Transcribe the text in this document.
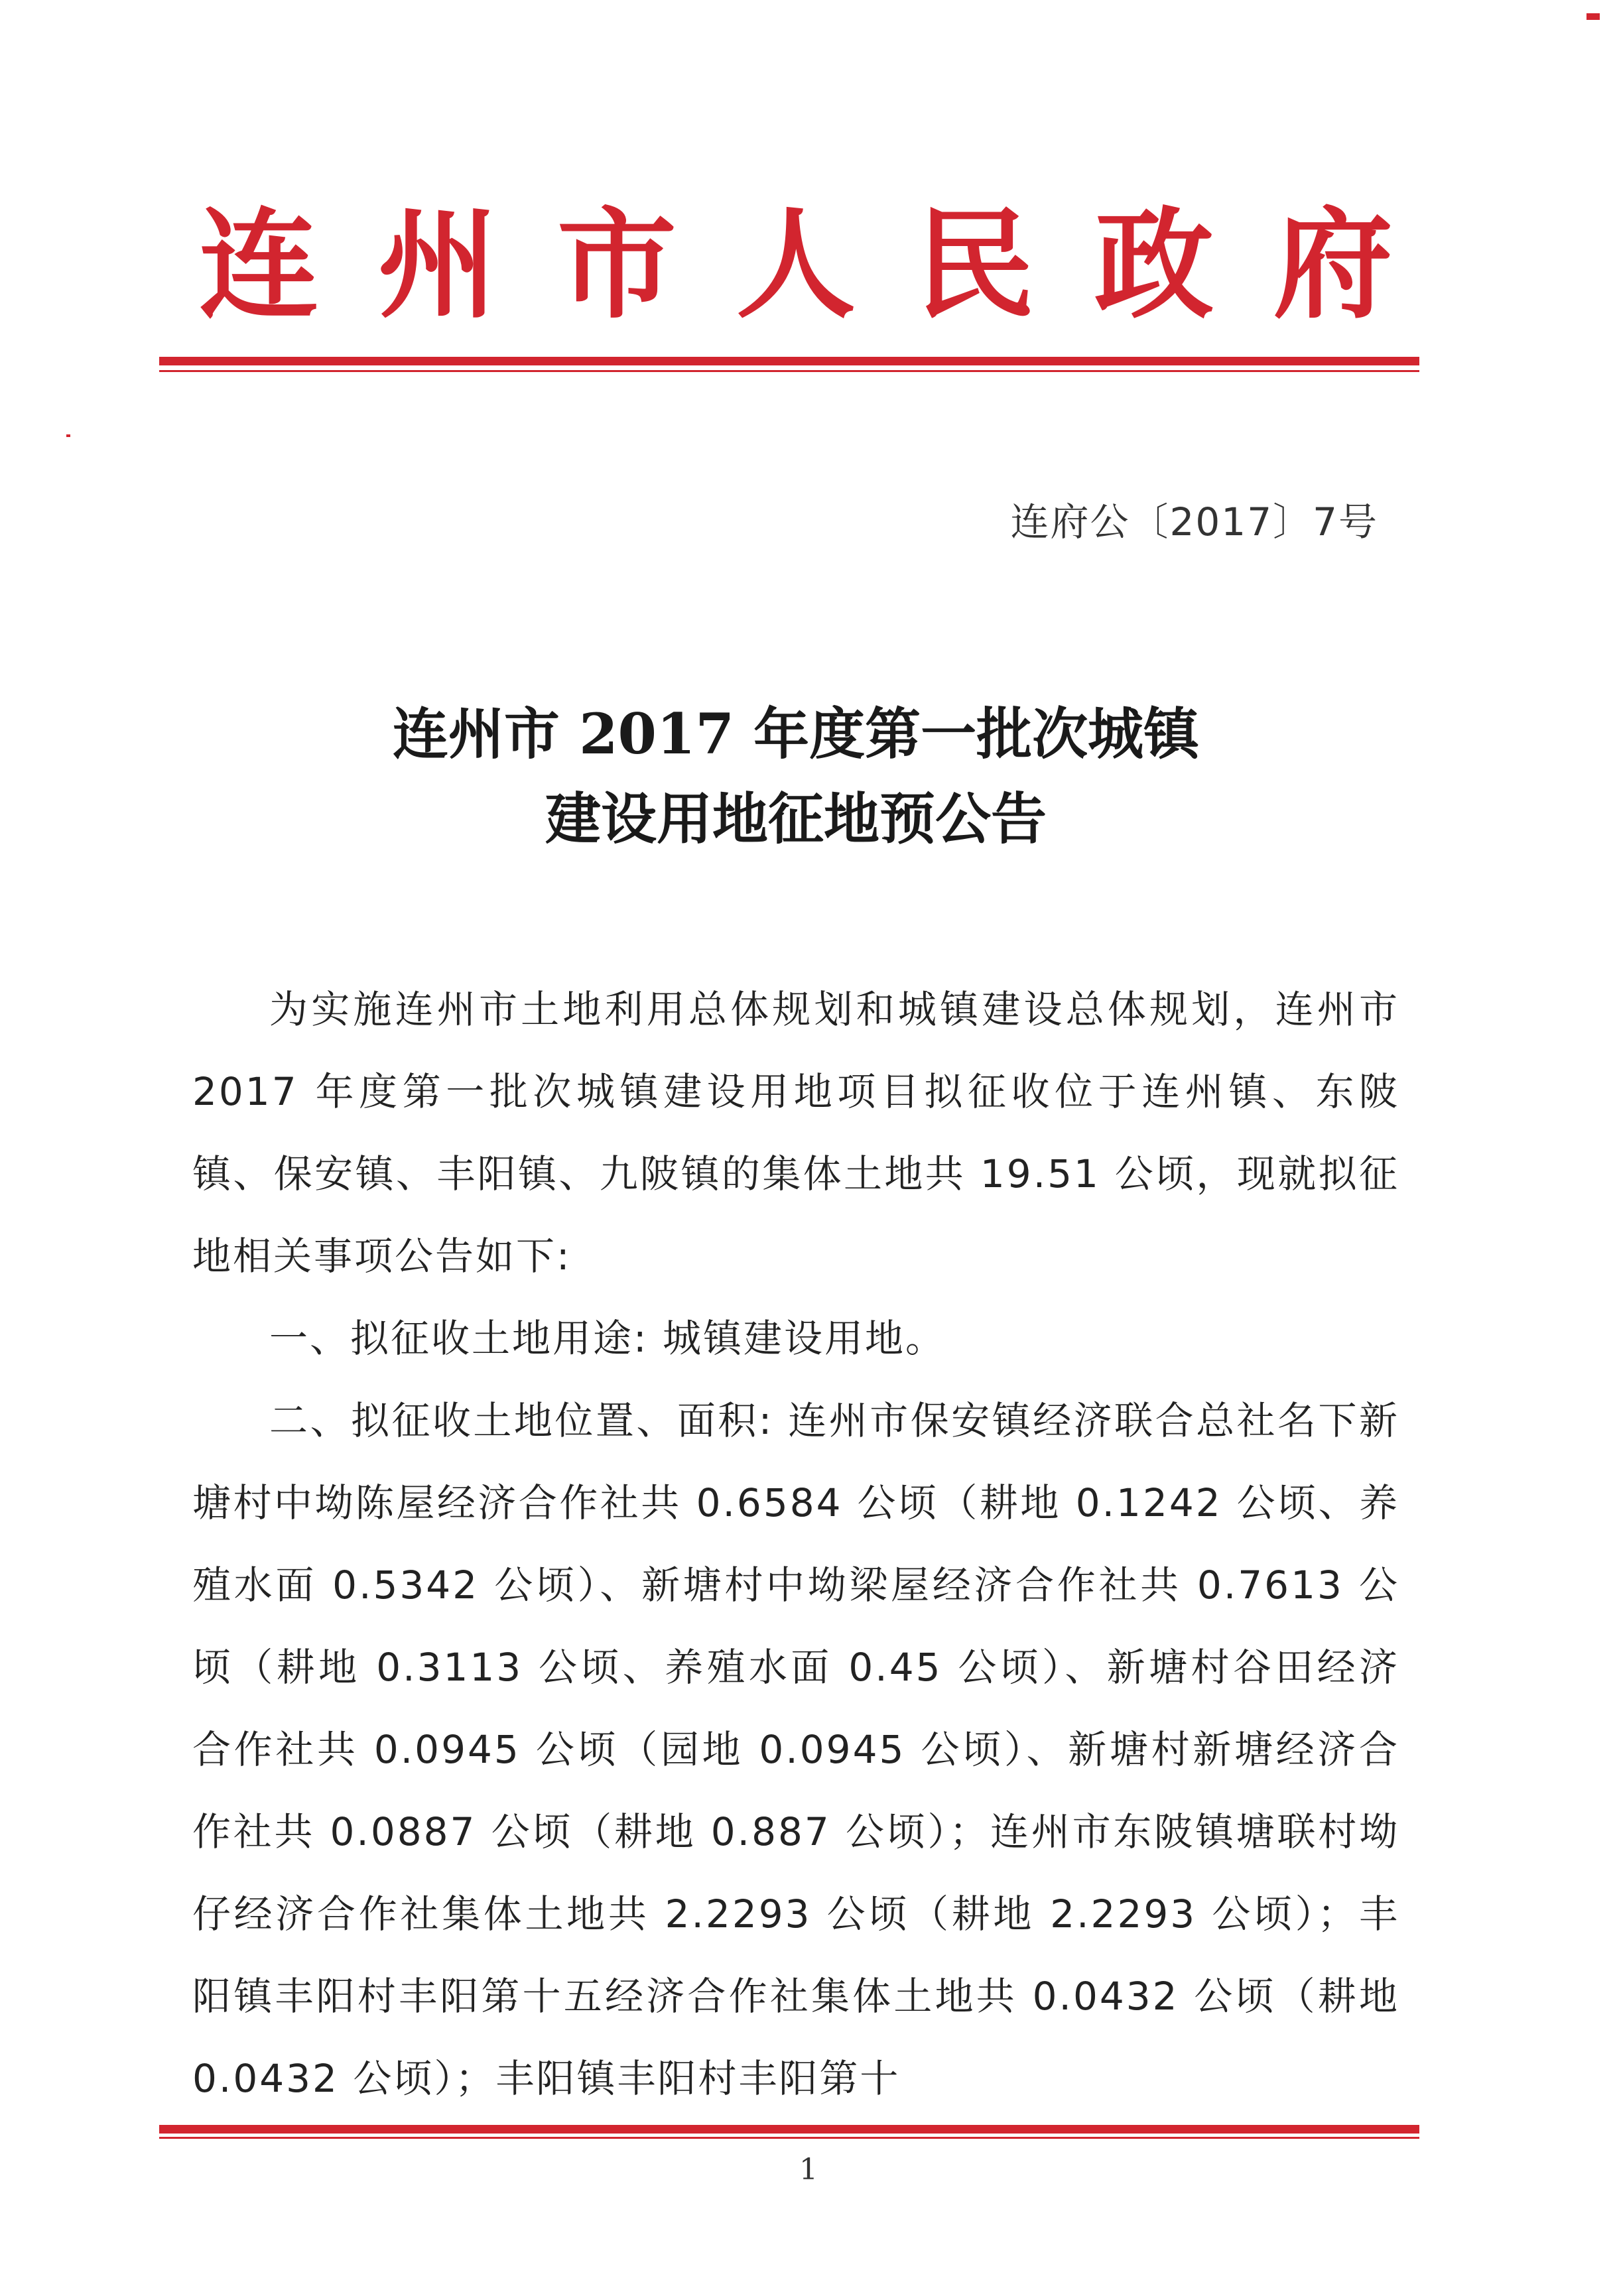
连 州 市 人 民 政 府
连府公〔2017〕7号
连州市 2017 年度第一批次城镇
建设用地征地预公告

为实施连州市土地利用总体规划和城镇建设总体规划，连州市 2017 年度第一批次城镇建设用地项目拟征收位于连州镇、东陂镇、保安镇、丰阳镇、九陂镇的集体土地共 19.51 公顷，现就拟征地相关事项公告如下:

一、拟征收土地用途: 城镇建设用地。

二、拟征收土地位置、面积: 连州市保安镇经济联合总社名下新塘村中坳陈屋经济合作社共 0.6584 公顷（耕地 0.1242 公顷、养殖水面 0.5342 公顷）、新塘村中坳梁屋经济合作社共 0.7613 公顷（耕地 0.3113 公顷、养殖水面 0.45 公顷）、新塘村谷田经济合作社共 0.0945 公顷（园地 0.0945 公顷）、新塘村新塘经济合作社共 0.0887 公顷（耕地 0.887 公顷）；连州市东陂镇塘联村坳仔经济合作社集体土地共 2.2293 公顷（耕地 2.2293 公顷）；丰阳镇丰阳村丰阳第十五经济合作社集体土地共 0.0432 公顷（耕地 0.0432 公顷）；丰阳镇丰阳村丰阳第十

1
